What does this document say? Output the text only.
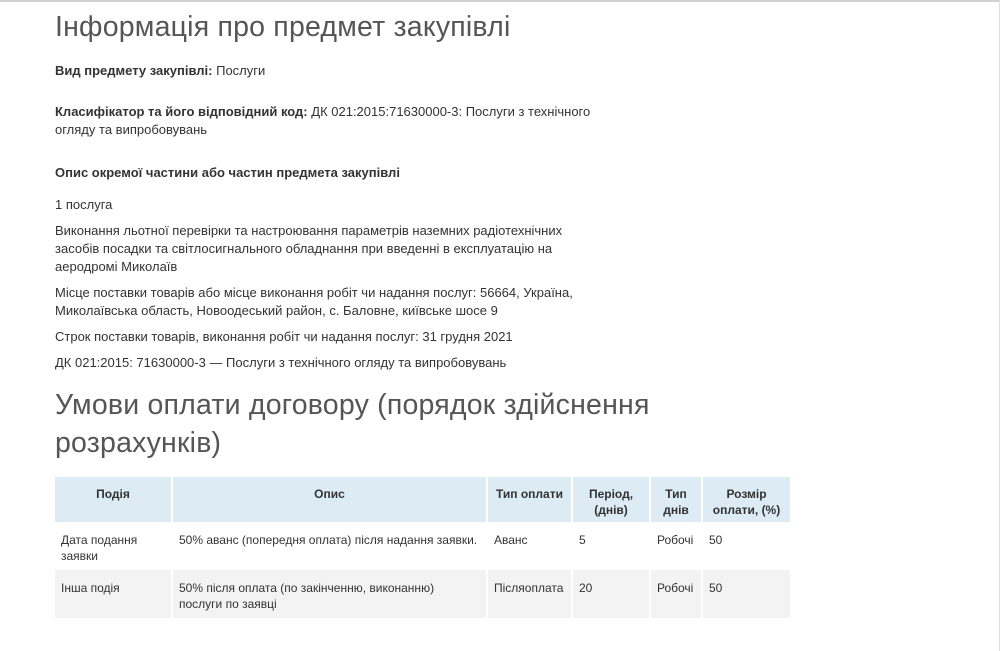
Інформація про предмет закупівлі

Вид предмету закупівлі: Послуги

Класифікатор та його відповідний код: ДК 021:2015:71630000-3: Послуги з технічного огляду та випробовувань

Опис окремої частини або частин предмета закупівлі

1 послуга

Виконання льотної перевірки та настроювання параметрів наземних радіотехнічних засобів посадки та світлосигнального обладнання при введенні в експлуатацію на аеродромі Миколаїв

Місце поставки товарів або місце виконання робіт чи надання послуг: 56664, Україна, Миколаївська область, Новоодеський район, с. Баловне, київське шосе 9

Строк поставки товарів, виконання робіт чи надання послуг: 31 грудня 2021

ДК 021:2015: 71630000-3 — Послуги з технічного огляду та випробовувань

Умови оплати договору (порядок здійснення розрахунків)
Подія	Опис	Тип оплати	Період, (днів)	Тип днів	Розмір оплати, (%)
Дата подання заявки	50% аванс (попередня оплата) після надання заявки.	Аванс	5	Робочі	50
Інша подія	50% після оплата (по закінченню, виконанню) послуги по заявці	Післяоплата	20	Робочі	50
